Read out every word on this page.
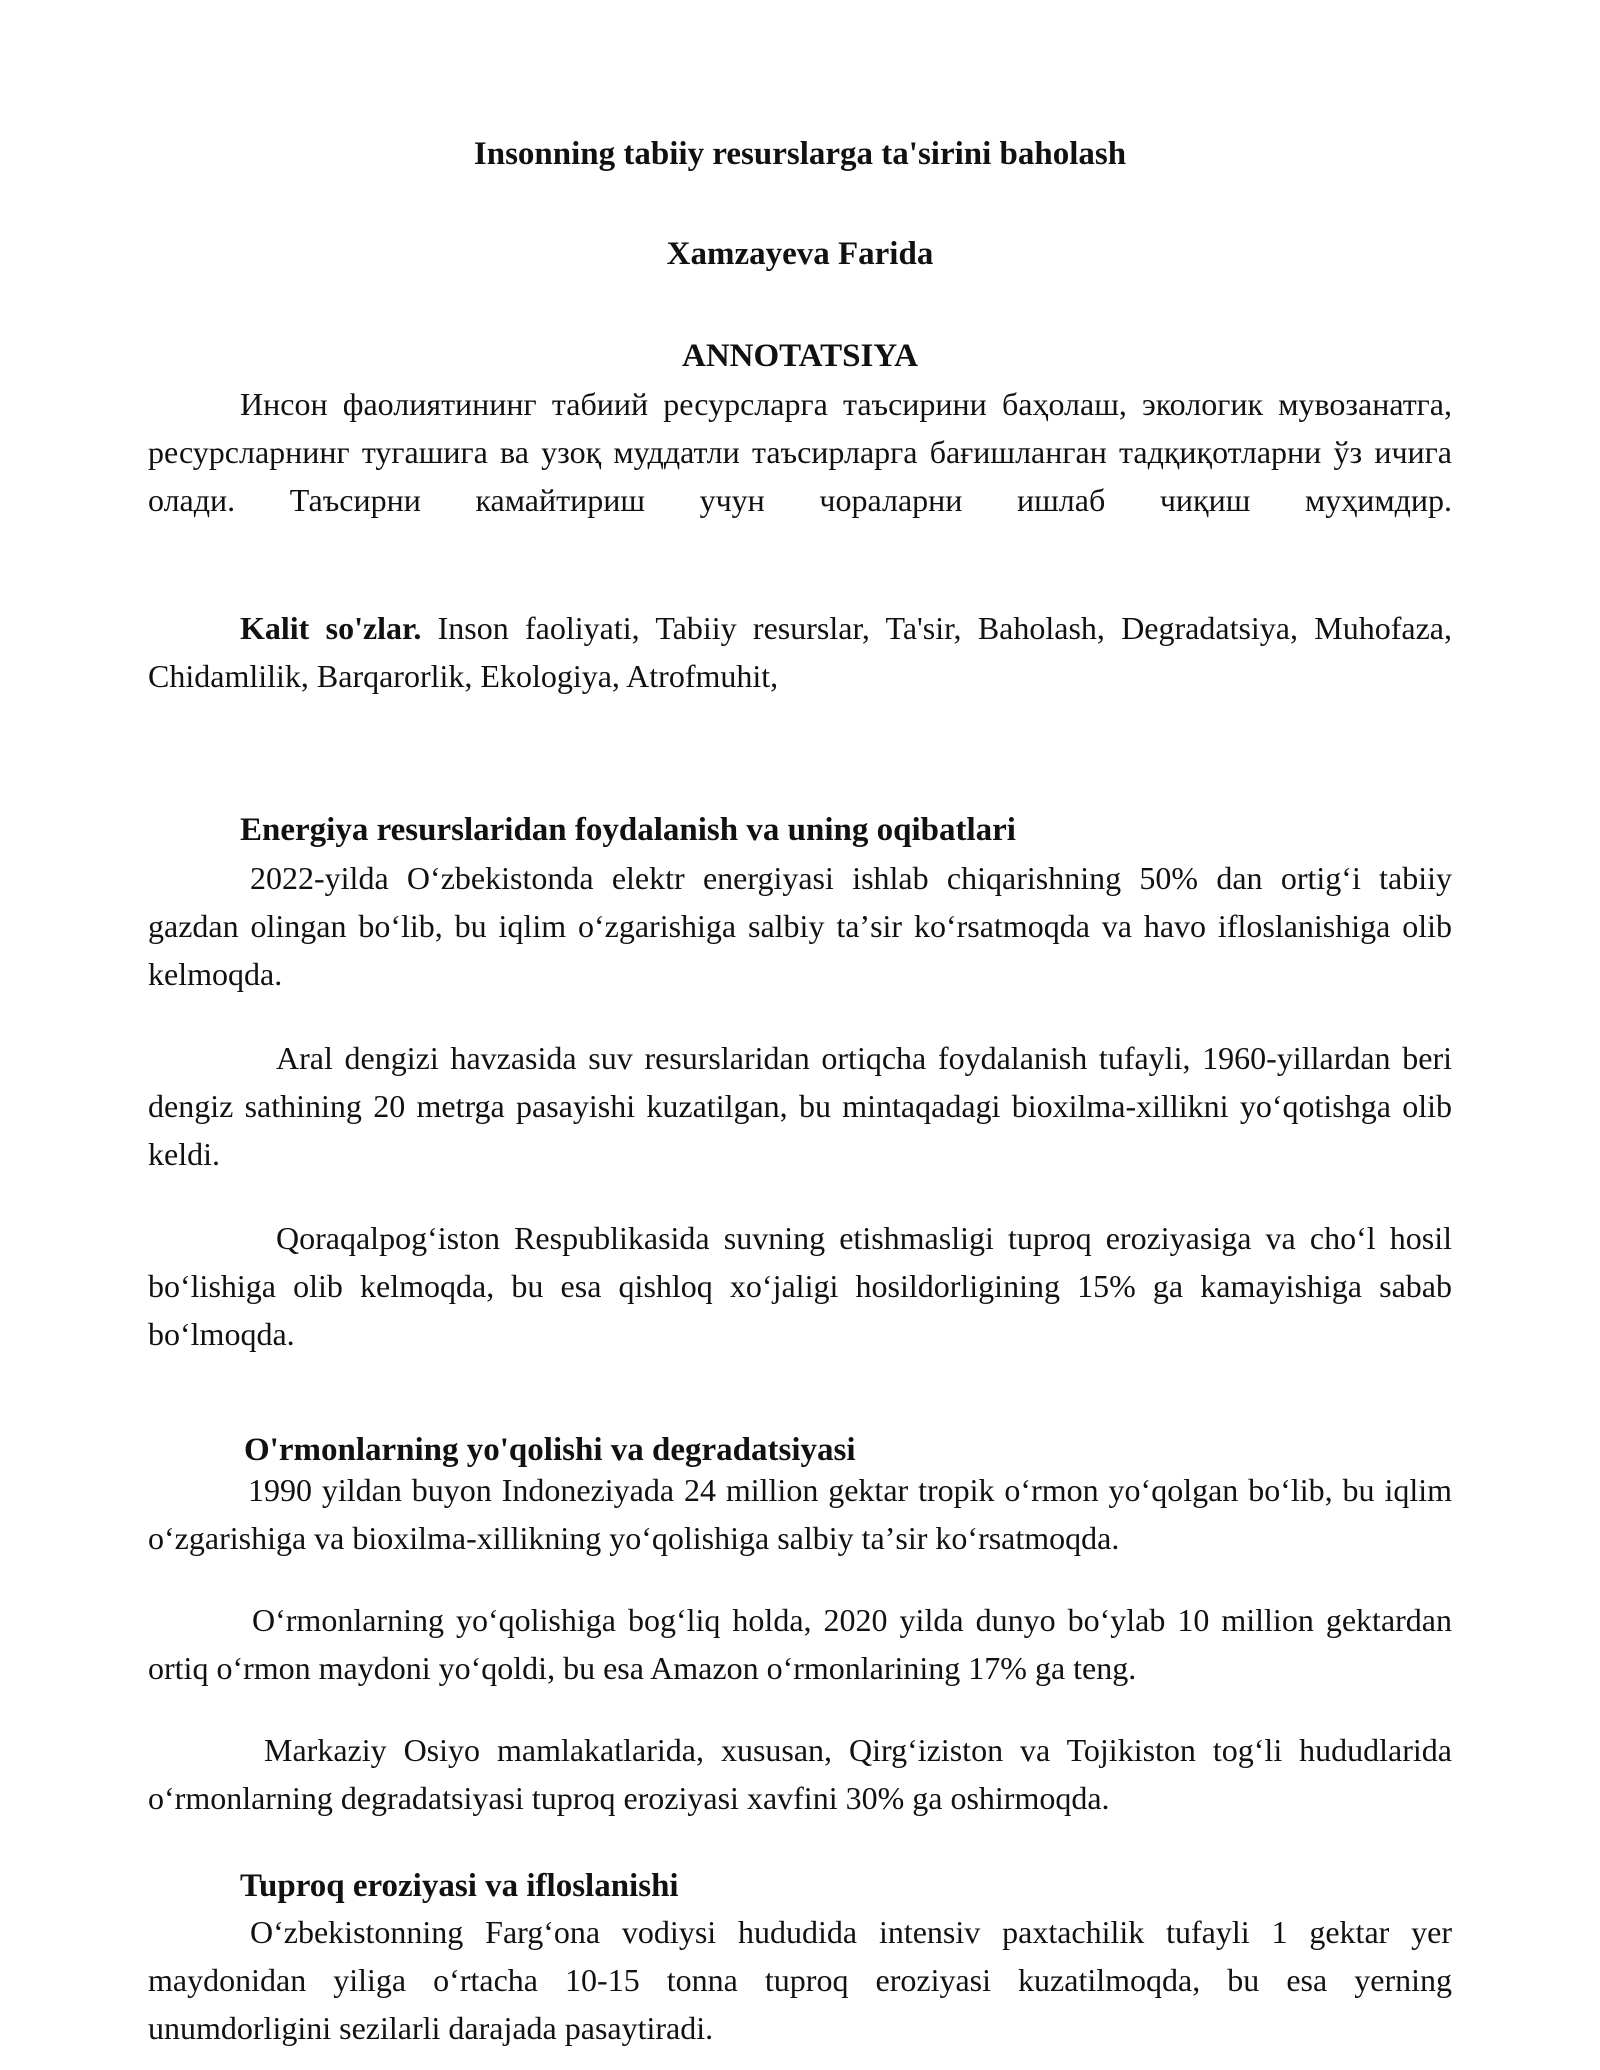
Insonning tabiiy resurslarga ta'sirini baholash
Xamzayeva Farida
ANNOTATSIYA
Инсон фаолиятининг табиий ресурсларга таъсирини баҳолаш, экологик мувозанатга, ресурсларнинг тугашига ва узоқ муддатли таъсирларга бағишланган тадқиқотларни ўз ичига олади. Таъсирни камайтириш учун чораларни ишлаб чиқиш муҳимдир.
Kalit so'zlar. Inson faoliyati, Tabiiy resurslar, Ta'sir, Baholash, Degradatsiya, Muhofaza, Chidamlilik, Barqarorlik, Ekologiya, Atrofmuhit,
Energiya resurslaridan foydalanish va uning oqibatlari
2022-yilda Oʻzbekistonda elektr energiyasi ishlab chiqarishning 50% dan ortigʻi tabiiy gazdan olingan boʻlib, bu iqlim oʻzgarishiga salbiy taʼsir koʻrsatmoqda va havo ifloslanishiga olib kelmoqda.
Aral dengizi havzasida suv resurslaridan ortiqcha foydalanish tufayli, 1960-yillardan beri dengiz sathining 20 metrga pasayishi kuzatilgan, bu mintaqadagi bioxilma-xillikni yoʻqotishga olib keldi.
Qoraqalpogʻiston Respublikasida suvning etishmasligi tuproq eroziyasiga va choʻl hosil boʻlishiga olib kelmoqda, bu esa qishloq xoʻjaligi hosildorligining 15% ga kamayishiga sabab boʻlmoqda.
O'rmonlarning yo'qolishi va degradatsiyasi
1990 yildan buyon Indoneziyada 24 million gektar tropik oʻrmon yoʻqolgan boʻlib, bu iqlim oʻzgarishiga va bioxilma-xillikning yoʻqolishiga salbiy taʼsir koʻrsatmoqda.
Oʻrmonlarning yoʻqolishiga bogʻliq holda, 2020 yilda dunyo boʻylab 10 million gektardan ortiq oʻrmon maydoni yoʻqoldi, bu esa Amazon oʻrmonlarining 17% ga teng.
Markaziy Osiyo mamlakatlarida, xususan, Qirgʻiziston va Tojikiston togʻli hududlarida oʻrmonlarning degradatsiyasi tuproq eroziyasi xavfini 30% ga oshirmoqda.
Tuproq eroziyasi va ifloslanishi
Oʻzbekistonning Fargʻona vodiysi hududida intensiv paxtachilik tufayli 1 gektar yer maydonidan yiliga oʻrtacha 10-15 tonna tuproq eroziyasi kuzatilmoqda, bu esa yerning unumdorligini sezilarli darajada pasaytiradi.
